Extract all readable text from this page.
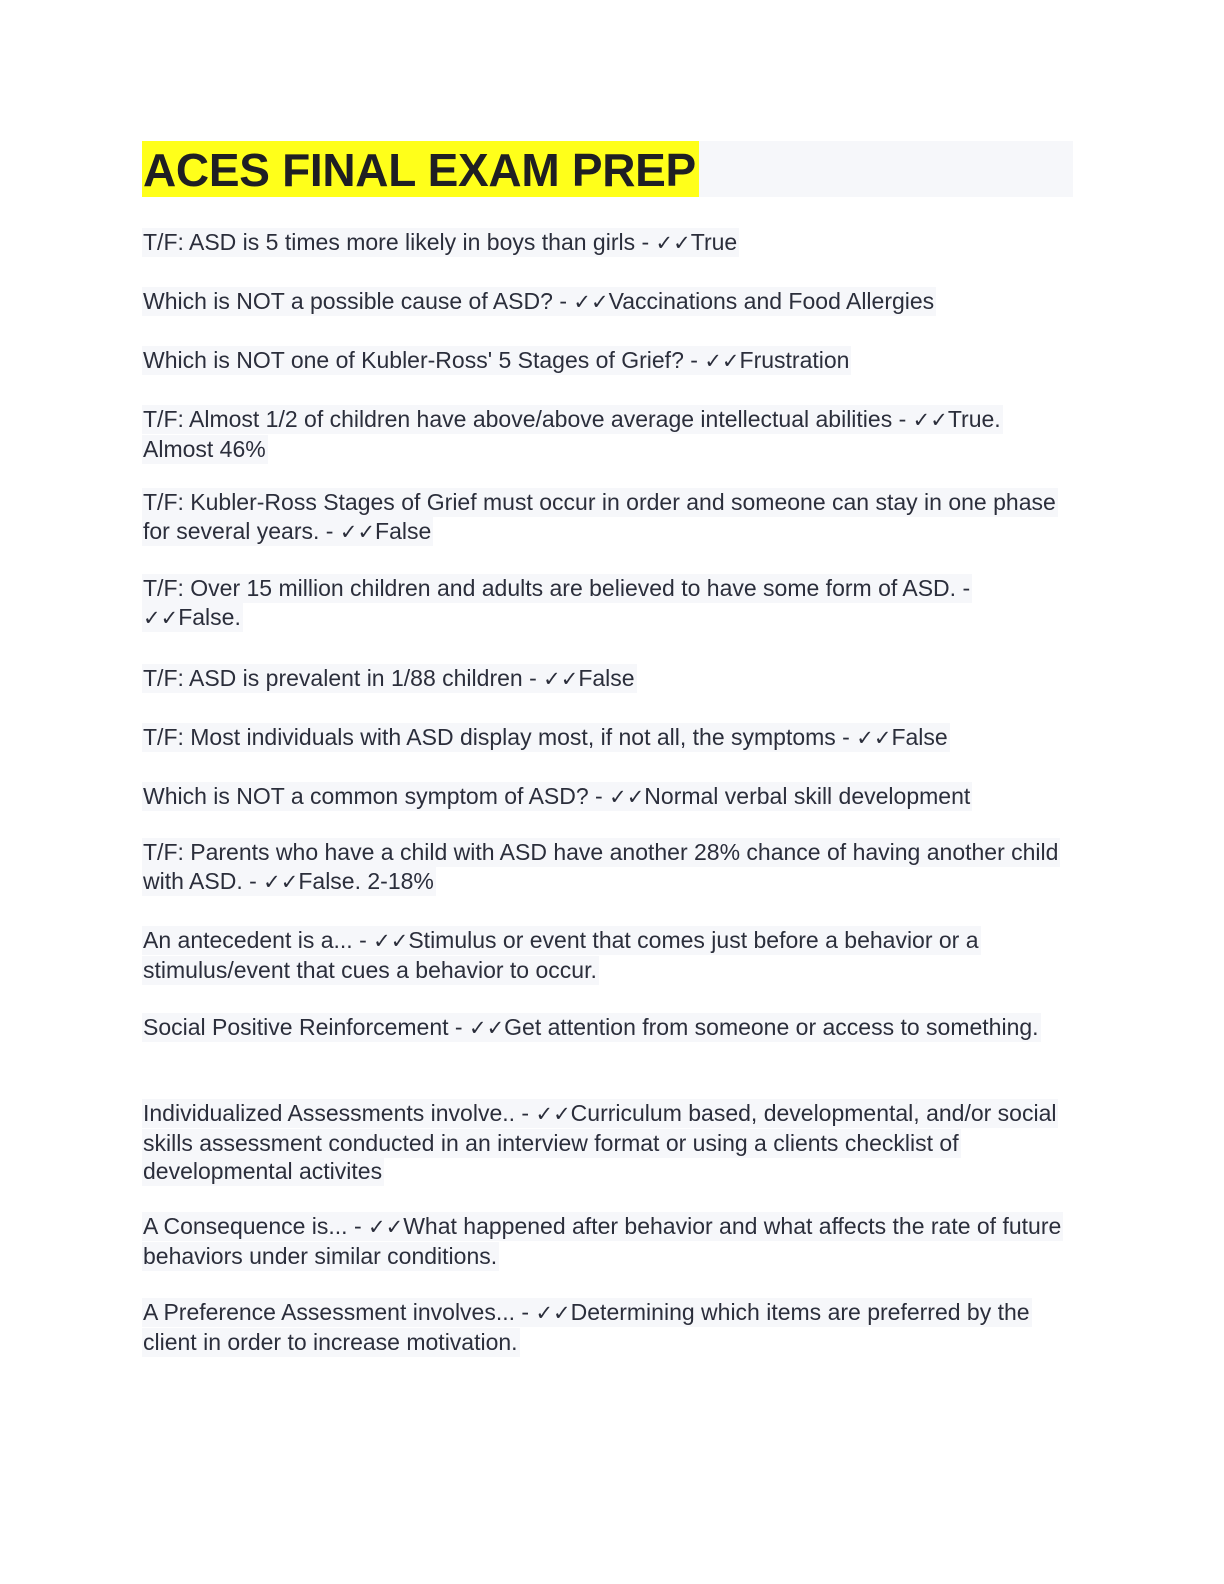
ACES FINAL EXAM PREP

T/F: ASD is 5 times more likely in boys than girls - ✓✓True

Which is NOT a possible cause of ASD? - ✓✓Vaccinations and Food Allergies

Which is NOT one of Kubler-Ross' 5 Stages of Grief? - ✓✓Frustration

T/F: Almost 1/2 of children have above/above average intellectual abilities - ✓✓True. Almost 46%

T/F: Kubler-Ross Stages of Grief must occur in order and someone can stay in one phase for several years. - ✓✓False

T/F: Over 15 million children and adults are believed to have some form of ASD. - ✓✓False.

T/F: ASD is prevalent in 1/88 children - ✓✓False

T/F: Most individuals with ASD display most, if not all, the symptoms - ✓✓False

Which is NOT a common symptom of ASD? - ✓✓Normal verbal skill development

T/F: Parents who have a child with ASD have another 28% chance of having another child with ASD. - ✓✓False. 2-18%

An antecedent is a... - ✓✓Stimulus or event that comes just before a behavior or a stimulus/event that cues a behavior to occur.

Social Positive Reinforcement - ✓✓Get attention from someone or access to something.

Individualized Assessments involve.. - ✓✓Curriculum based, developmental, and/or social skills assessment conducted in an interview format or using a clients checklist of developmental activites

A Consequence is... - ✓✓What happened after behavior and what affects the rate of future behaviors under similar conditions.

A Preference Assessment involves... - ✓✓Determining which items are preferred by the client in order to increase motivation.
